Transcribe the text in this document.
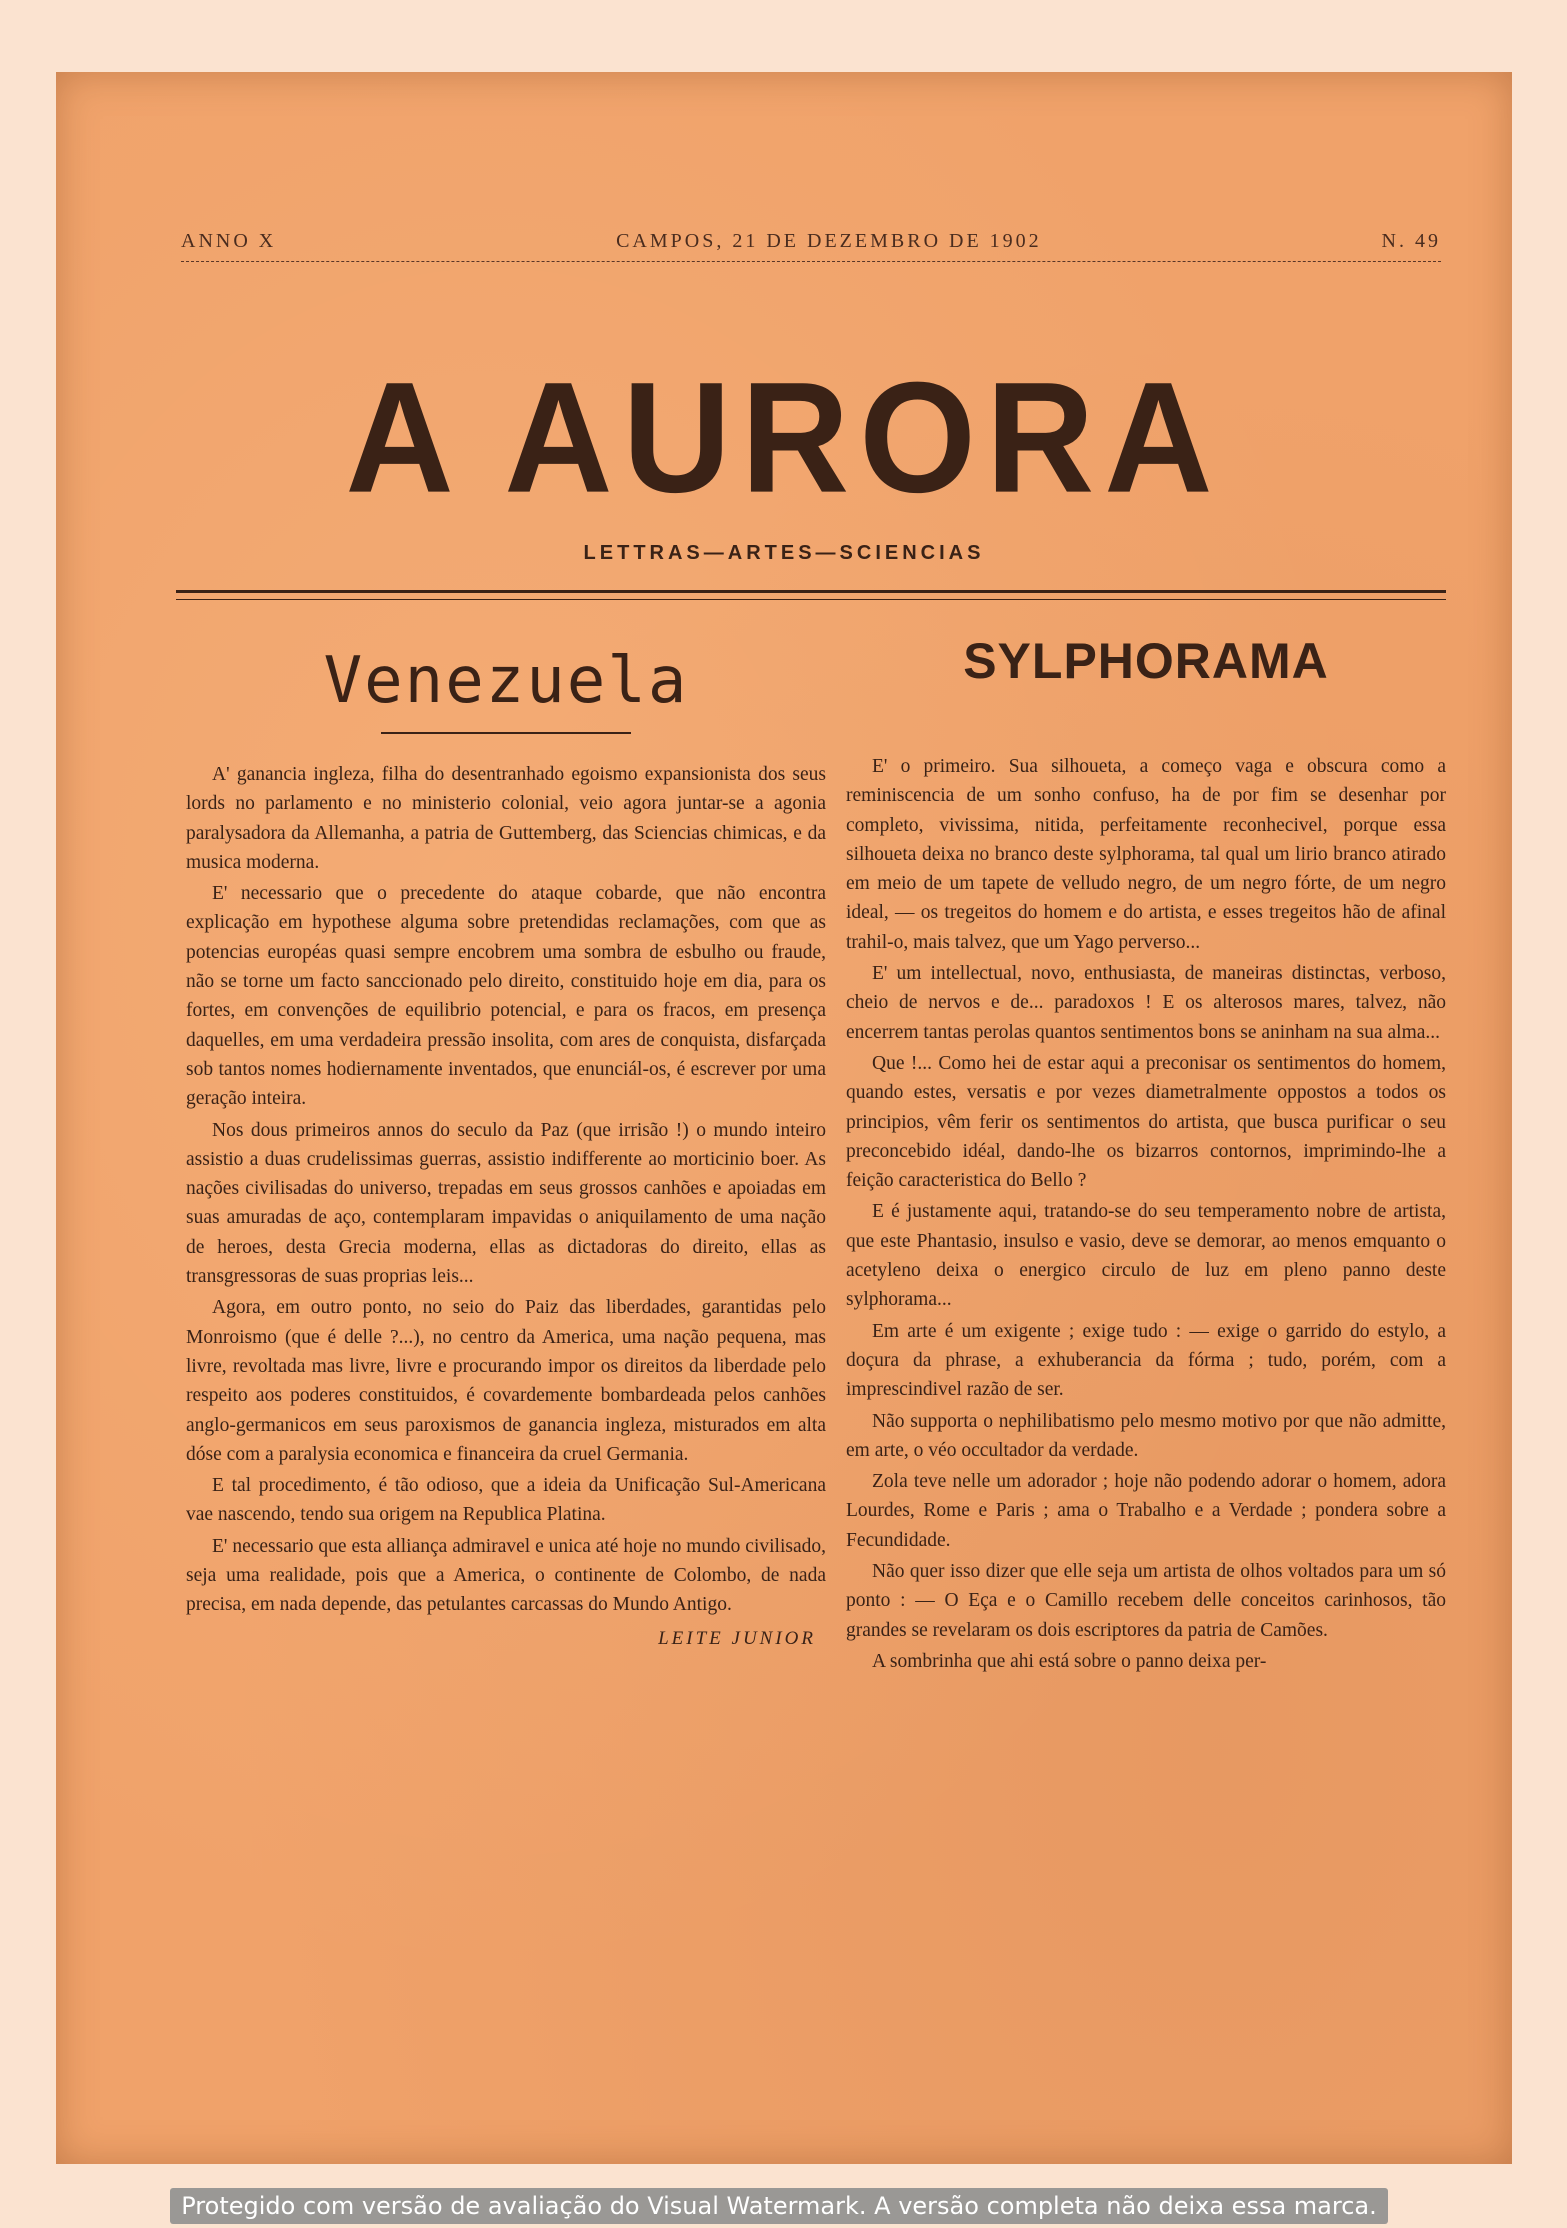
ANNO X	CAMPOS, 21 DE DEZEMBRO DE 1902	N. 49
A AURORA
LETTRAS—ARTES—SCIENCIAS
Venezuela

A' ganancia ingleza, filha do desentranhado egoismo expansionista dos seus lords no parlamento e no ministerio colonial, veio agora juntar-se a agonia paralysadora da Allemanha, a patria de Guttemberg, das Sciencias chimicas, e da musica moderna.

E' necessario que o precedente do ataque cobarde, que não encontra explicação em hypothese alguma sobre pretendidas reclamações, com que as potencias européas quasi sempre encobrem uma sombra de esbulho ou fraude, não se torne um facto sanccionado pelo direito, constituido hoje em dia, para os fortes, em convenções de equilibrio potencial, e para os fracos, em presença daquelles, em uma verdadeira pressão insolita, com ares de conquista, disfarçada sob tantos nomes hodiernamente inventados, que enunciál-os, é escrever por uma geração inteira.

Nos dous primeiros annos do seculo da Paz (que irrisão !) o mundo inteiro assistio a duas crudelissimas guerras, assistio indifferente ao morticinio boer. As nações civilisadas do universo, trepadas em seus grossos canhões e apoiadas em suas amuradas de aço, contemplaram impavidas o aniquilamento de uma nação de heroes, desta Grecia moderna, ellas as dictadoras do direito, ellas as transgressoras de suas proprias leis...

Agora, em outro ponto, no seio do Paiz das liberdades, garantidas pelo Monroismo (que é delle ?...), no centro da America, uma nação pequena, mas livre, revoltada mas livre, livre e procurando impor os direitos da liberdade pelo respeito aos poderes constituidos, é covardemente bombardeada pelos canhões anglo-germanicos em seus paroxismos de ganancia ingleza, misturados em alta dóse com a paralysia economica e financeira da cruel Germania.

E tal procedimento, é tão odioso, que a ideia da Unificação Sul-Americana vae nascendo, tendo sua origem na Republica Platina.

E' necessario que esta alliança admiravel e unica até hoje no mundo civilisado, seja uma realidade, pois que a America, o continente de Colombo, de nada precisa, em nada depende, das petulantes carcassas do Mundo Antigo.

LEITE JUNIOR
SYLPHORAMA

E' o primeiro. Sua silhoueta, a começo vaga e obscura como a reminiscencia de um sonho confuso, ha de por fim se desenhar por completo, vivissima, nitida, perfeitamente reconhecivel, porque essa silhoueta deixa no branco deste sylphorama, tal qual um lirio branco atirado em meio de um tapete de velludo negro, de um negro fórte, de um negro ideal, — os tregeitos do homem e do artista, e esses tregeitos hão de afinal trahil-o, mais talvez, que um Yago perverso...

E' um intellectual, novo, enthusiasta, de maneiras distinctas, verboso, cheio de nervos e de... paradoxos ! E os alterosos mares, talvez, não encerrem tantas perolas quantos sentimentos bons se aninham na sua alma...

Que !... Como hei de estar aqui a preconisar os sentimentos do homem, quando estes, versatis e por vezes diametralmente oppostos a todos os principios, vêm ferir os sentimentos do artista, que busca purificar o seu preconcebido idéal, dando-lhe os bizarros contornos, imprimindo-lhe a feição caracteristica do Bello ?

E é justamente aqui, tratando-se do seu temperamento nobre de artista, que este Phantasio, insulso e vasio, deve se demorar, ao menos emquanto o acetyleno deixa o energico circulo de luz em pleno panno deste sylphorama...

Em arte é um exigente ; exige tudo : — exige o garrido do estylo, a doçura da phrase, a exhuberancia da fórma ; tudo, porém, com a imprescindivel razão de ser.

Não supporta o nephilibatismo pelo mesmo motivo por que não admitte, em arte, o véo occultador da verdade.

Zola teve nelle um adorador ; hoje não podendo adorar o homem, adora Lourdes, Rome e Paris ; ama o Trabalho e a Verdade ; pondera sobre a Fecundidade.

Não quer isso dizer que elle seja um artista de olhos voltados para um só ponto : — O Eça e o Camillo recebem delle conceitos carinhosos, tão grandes se revelaram os dois escriptores da patria de Camões.

A sombrinha que ahi está sobre o panno deixa per-

Protegido com versão de avaliação do Visual Watermark. A versão completa não deixa essa marca.
